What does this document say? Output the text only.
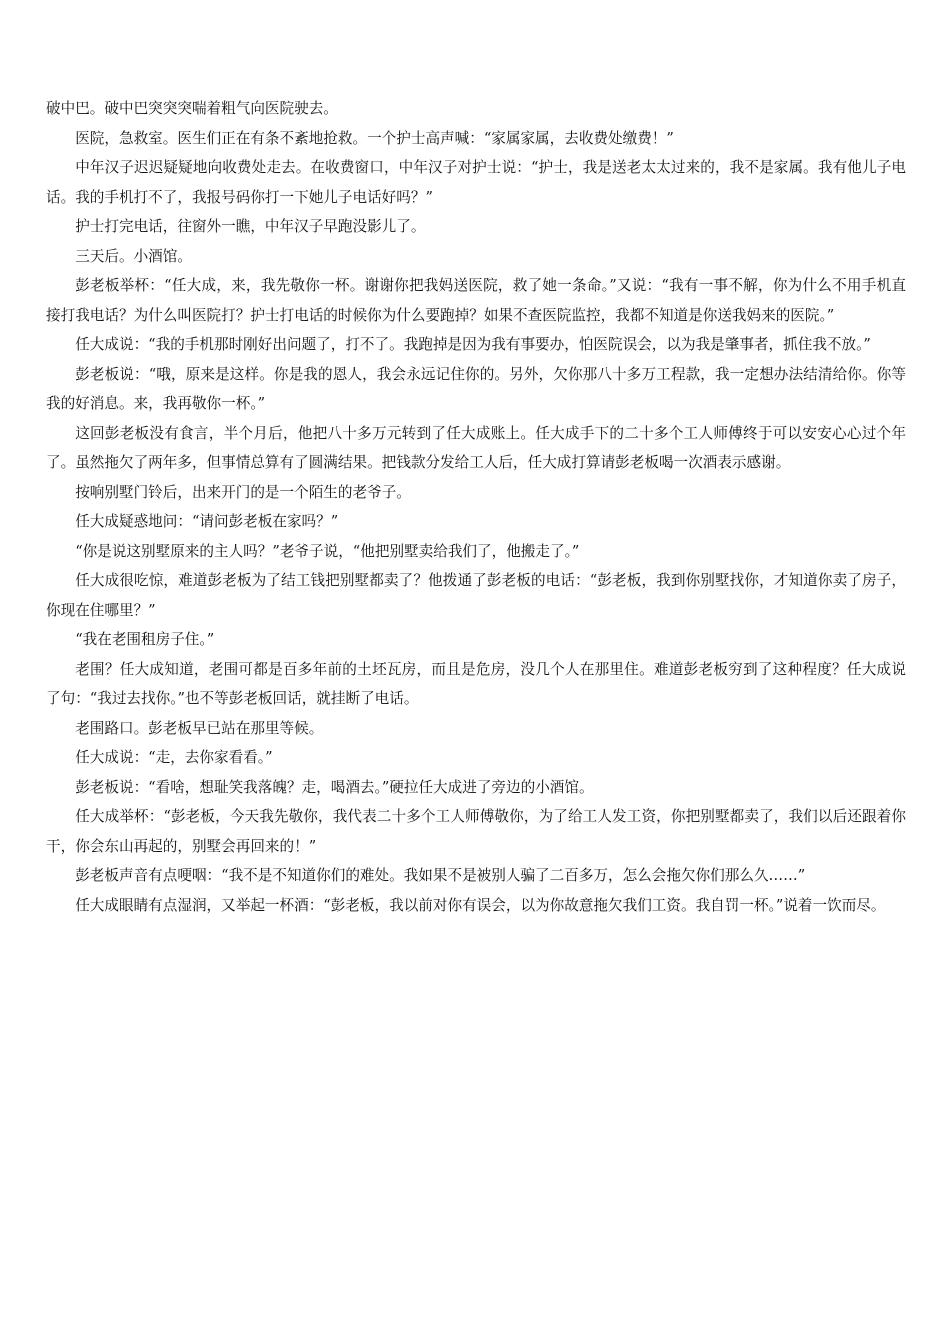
破中巴。破中巴突突突喘着粗气向医院驶去。

医院，急救室。医生们正在有条不紊地抢救。一个护士高声喊：“家属家属，去收费处缴费！”

中年汉子迟迟疑疑地向收费处走去。在收费窗口，中年汉子对护士说：“护士，我是送老太太过来的，我不是家属。我有他儿子电话。我的手机打不了，我报号码你打一下她儿子电话好吗？”

护士打完电话，往窗外一瞧，中年汉子早跑没影儿了。

三天后。小酒馆。

彭老板举杯：“任大成，来，我先敬你一杯。谢谢你把我妈送医院，救了她一条命。”又说：“我有一事不解，你为什么不用手机直接打我电话？为什么叫医院打？护士打电话的时候你为什么要跑掉？如果不查医院监控，我都不知道是你送我妈来的医院。”

任大成说：“我的手机那时刚好出问题了，打不了。我跑掉是因为我有事要办，怕医院误会，以为我是肇事者，抓住我不放。”

彭老板说：“哦，原来是这样。你是我的恩人，我会永远记住你的。另外，欠你那八十多万工程款，我一定想办法结清给你。你等我的好消息。来，我再敬你一杯。”

这回彭老板没有食言，半个月后，他把八十多万元转到了任大成账上。任大成手下的二十多个工人师傅终于可以安安心心过个年了。虽然拖欠了两年多，但事情总算有了圆满结果。把钱款分发给工人后，任大成打算请彭老板喝一次酒表示感谢。

按响别墅门铃后，出来开门的是一个陌生的老爷子。

任大成疑惑地问：“请问彭老板在家吗？”

“你是说这别墅原来的主人吗？”老爷子说，“他把别墅卖给我们了，他搬走了。”

任大成很吃惊，难道彭老板为了结工钱把别墅都卖了？他拨通了彭老板的电话：“彭老板，我到你别墅找你，才知道你卖了房子，你现在住哪里？”

“我在老围租房子住。”

老围？任大成知道，老围可都是百多年前的土坯瓦房，而且是危房，没几个人在那里住。难道彭老板穷到了这种程度？任大成说了句：“我过去找你。”也不等彭老板回话，就挂断了电话。

老围路口。彭老板早已站在那里等候。

任大成说：“走，去你家看看。”

彭老板说：“看啥，想耻笑我落魄？走，喝酒去。”硬拉任大成进了旁边的小酒馆。

任大成举杯：“彭老板，今天我先敬你，我代表二十多个工人师傅敬你，为了给工人发工资，你把别墅都卖了，我们以后还跟着你干，你会东山再起的，别墅会再回来的！”

彭老板声音有点哽咽：“我不是不知道你们的难处。我如果不是被别人骗了二百多万，怎么会拖欠你们那么久……”

任大成眼睛有点湿润，又举起一杯酒：“彭老板，我以前对你有误会，以为你故意拖欠我们工资。我自罚一杯。”说着一饮而尽。
